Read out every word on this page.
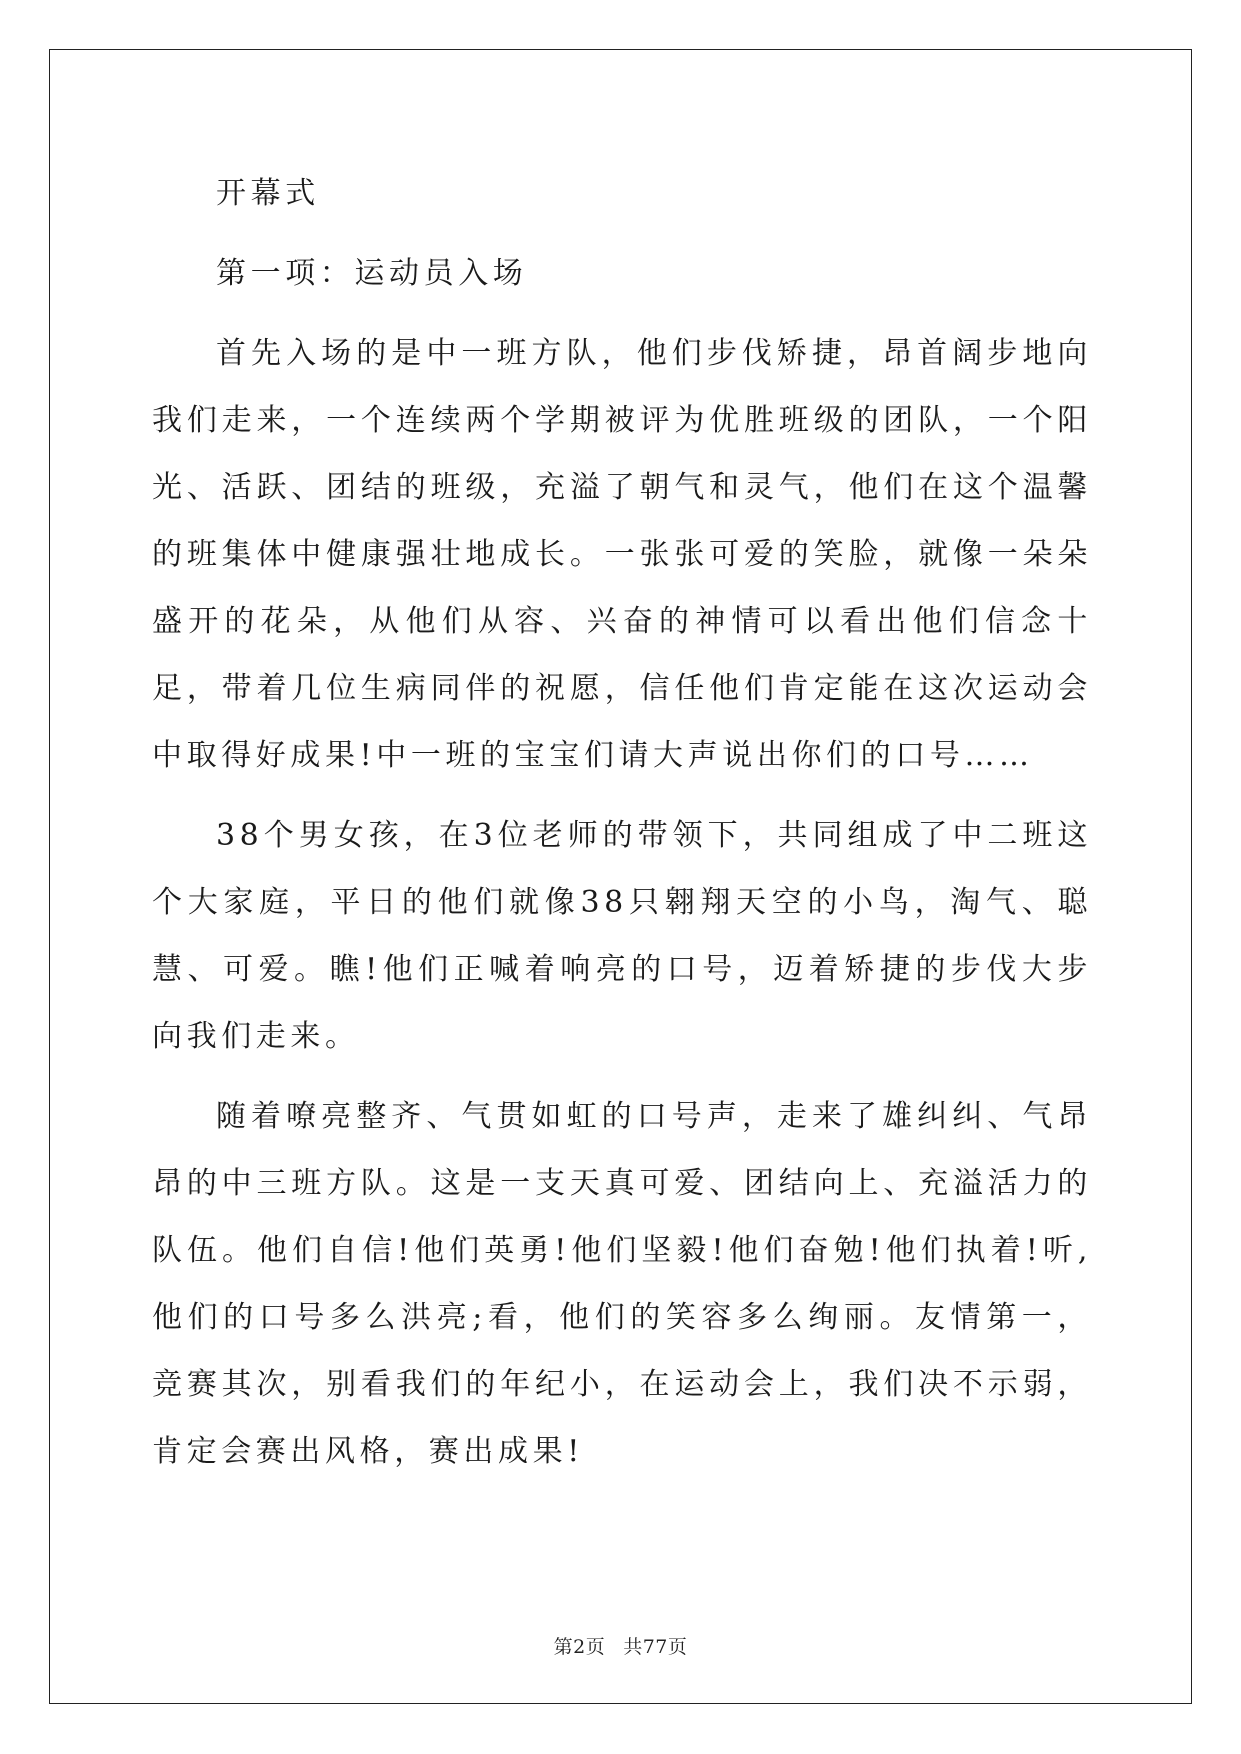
开幕式

第一项：运动员入场

首先入场的是中一班方队，他们步伐矫捷，昂首阔步地向我们走来，一个连续两个学期被评为优胜班级的团队，一个阳光、活跃、团结的班级，充溢了朝气和灵气，他们在这个温馨的班集体中健康强壮地成长。一张张可爱的笑脸，就像一朵朵盛开的花朵，从他们从容、兴奋的神情可以看出他们信念十足，带着几位生病同伴的祝愿，信任他们肯定能在这次运动会中取得好成果!中一班的宝宝们请大声说出你们的口号……

38个男女孩，在3位老师的带领下，共同组成了中二班这个大家庭，平日的他们就像38只翱翔天空的小鸟，淘气、聪慧、可爱。瞧!他们正喊着响亮的口号，迈着矫捷的步伐大步向我们走来。

随着嘹亮整齐、气贯如虹的口号声，走来了雄纠纠、气昂昂的中三班方队。这是一支天真可爱、团结向上、充溢活力的队伍。他们自信!他们英勇!他们坚毅!他们奋勉!他们执着!听,他们的口号多么洪亮;看，他们的笑容多么绚丽。友情第一，竞赛其次，别看我们的年纪小，在运动会上，我们决不示弱，肯定会赛出风格，赛出成果!

第2页 共77页
